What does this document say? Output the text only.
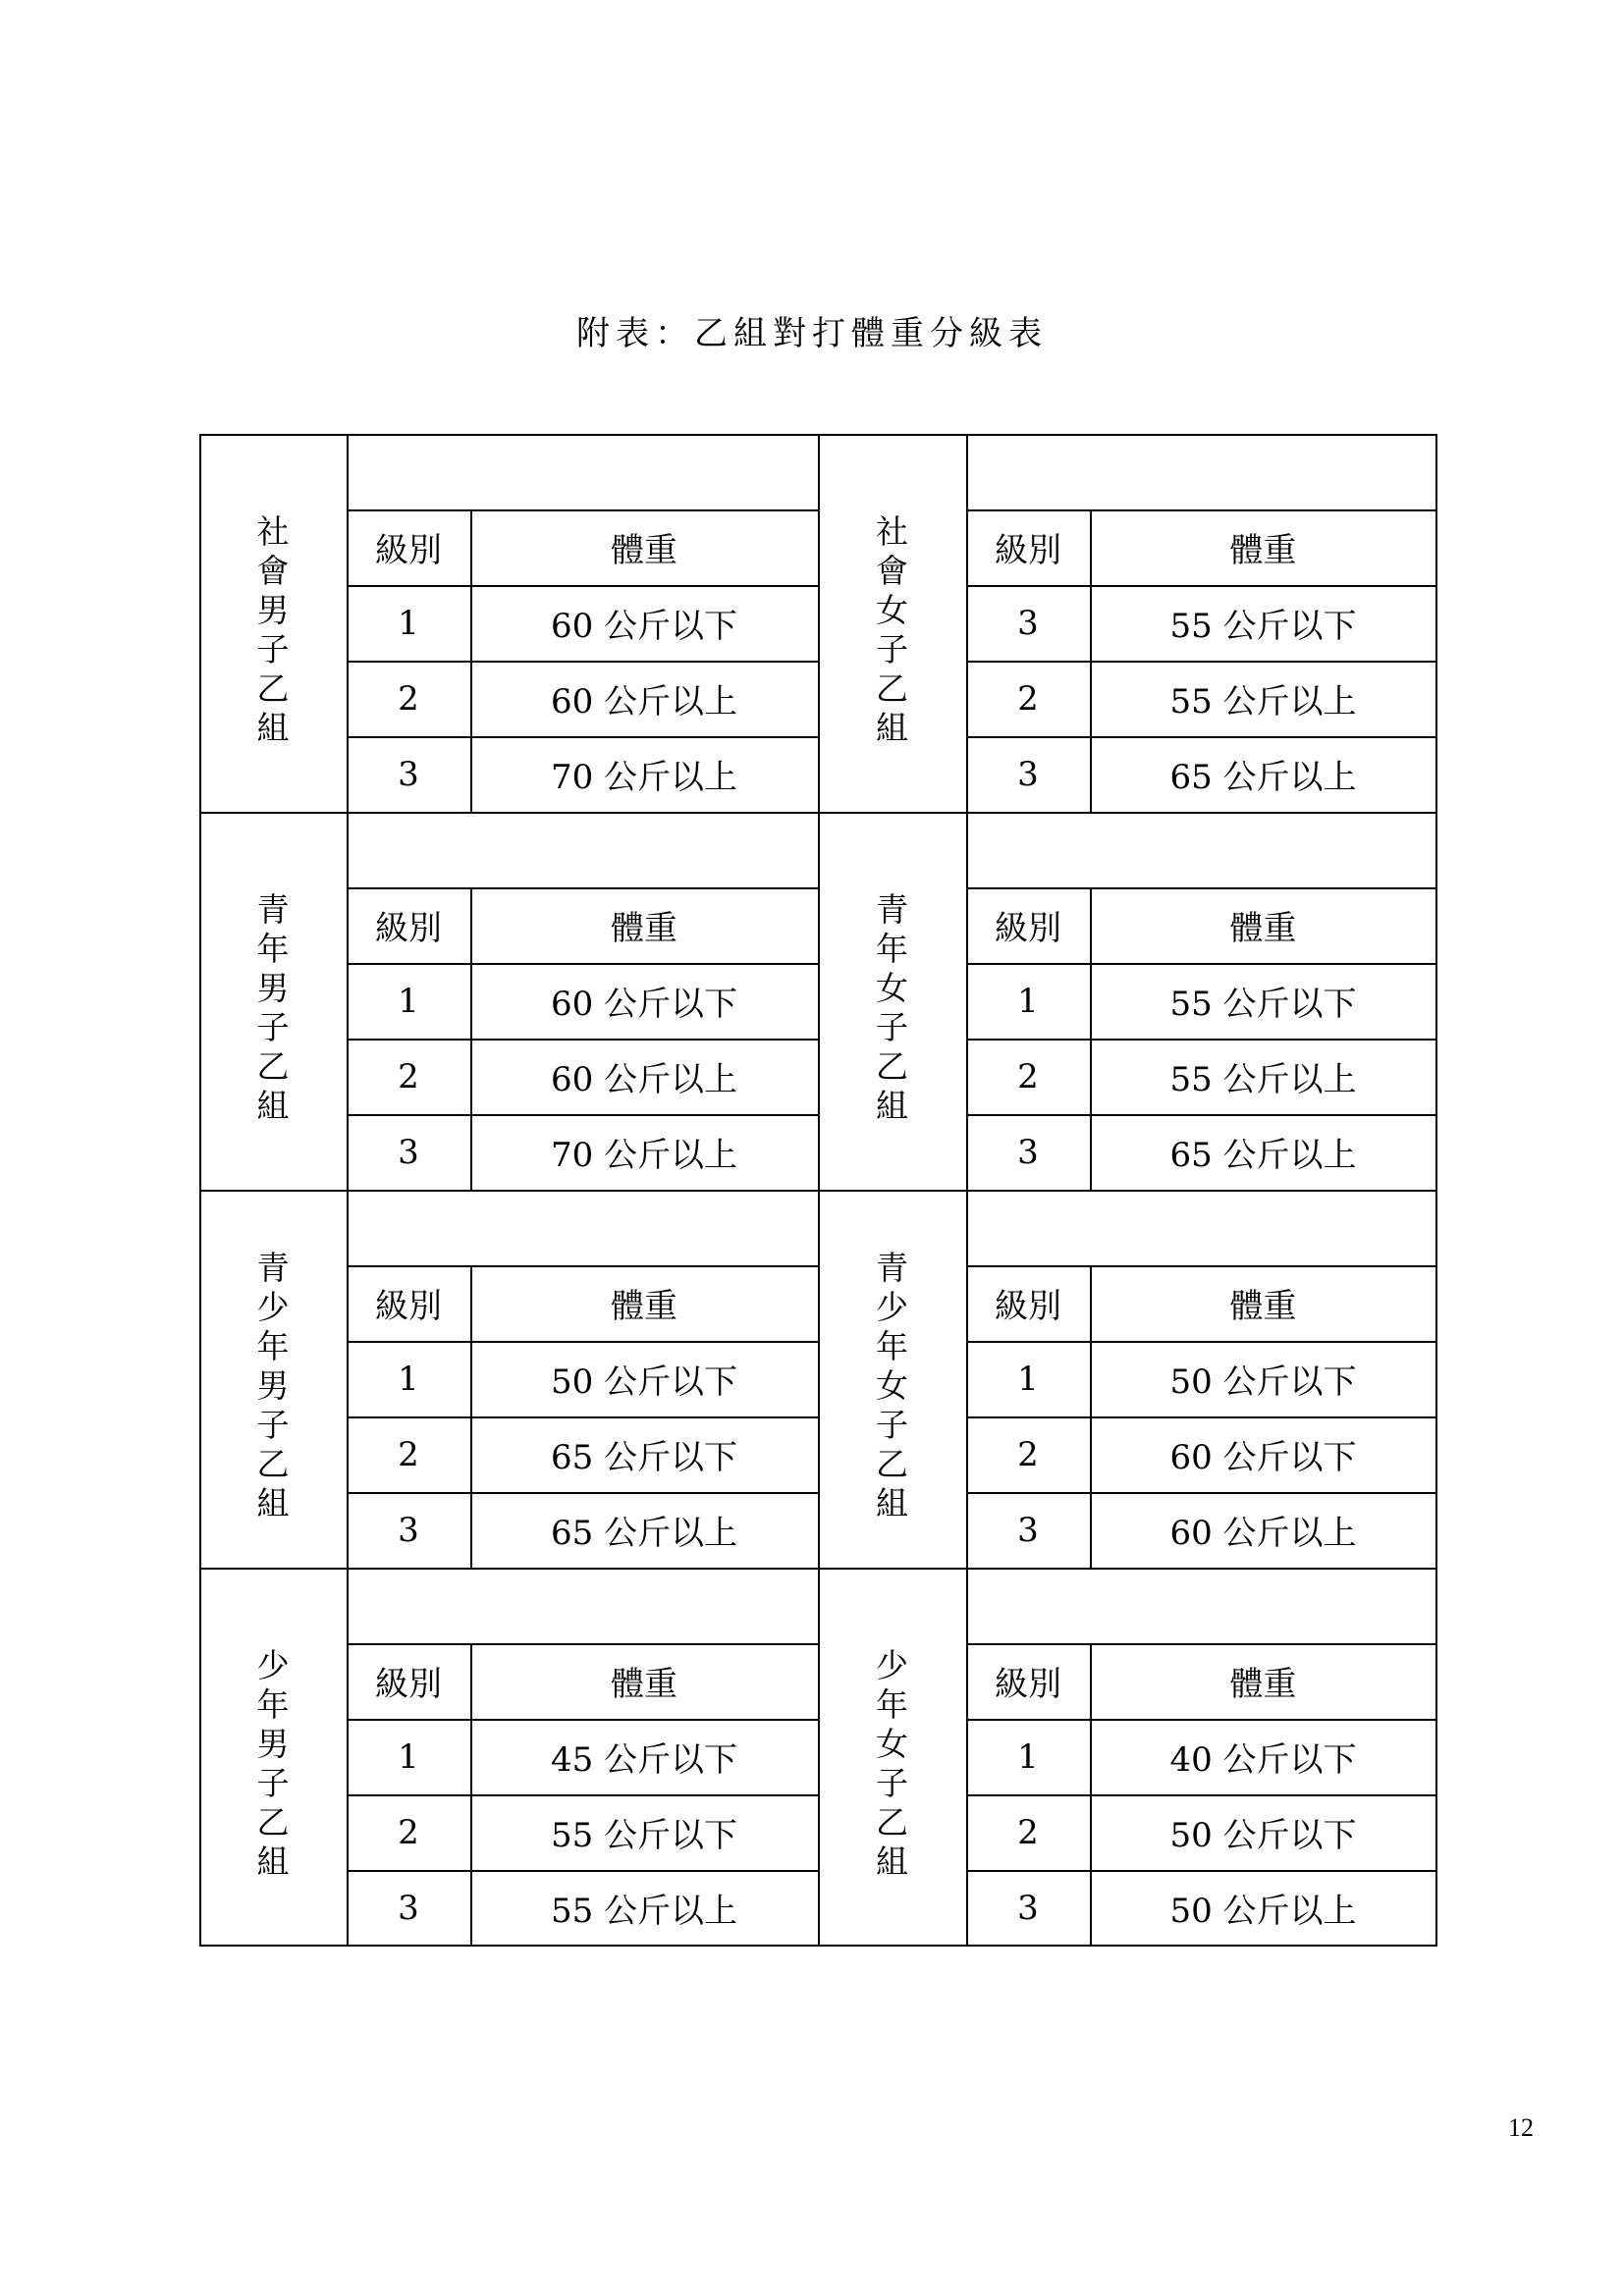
附表：乙組對打體重分級表
社
會
男
子
乙
組
級別	體重
1	60 公斤以下
2	60 公斤以上
3	70 公斤以上
社
會
女
子
乙
組
級別	體重
3	55 公斤以下
2	55 公斤以上
3	65 公斤以上
青
年
男
子
乙
組
級別	體重
1	60 公斤以下
2	60 公斤以上
3	70 公斤以上
青
年
女
子
乙
組
級別	體重
1	55 公斤以下
2	55 公斤以上
3	65 公斤以上
青
少
年
男
子
乙
組
級別	體重
1	50 公斤以下
2	65 公斤以下
3	65 公斤以上
青
少
年
女
子
乙
組
級別	體重
1	50 公斤以下
2	60 公斤以下
3	60 公斤以上
少
年
男
子
乙
組
級別	體重
1	45 公斤以下
2	55 公斤以下
3	55 公斤以上
少
年
女
子
乙
組
級別	體重
1	40 公斤以下
2	50 公斤以下
3	50 公斤以上
12
